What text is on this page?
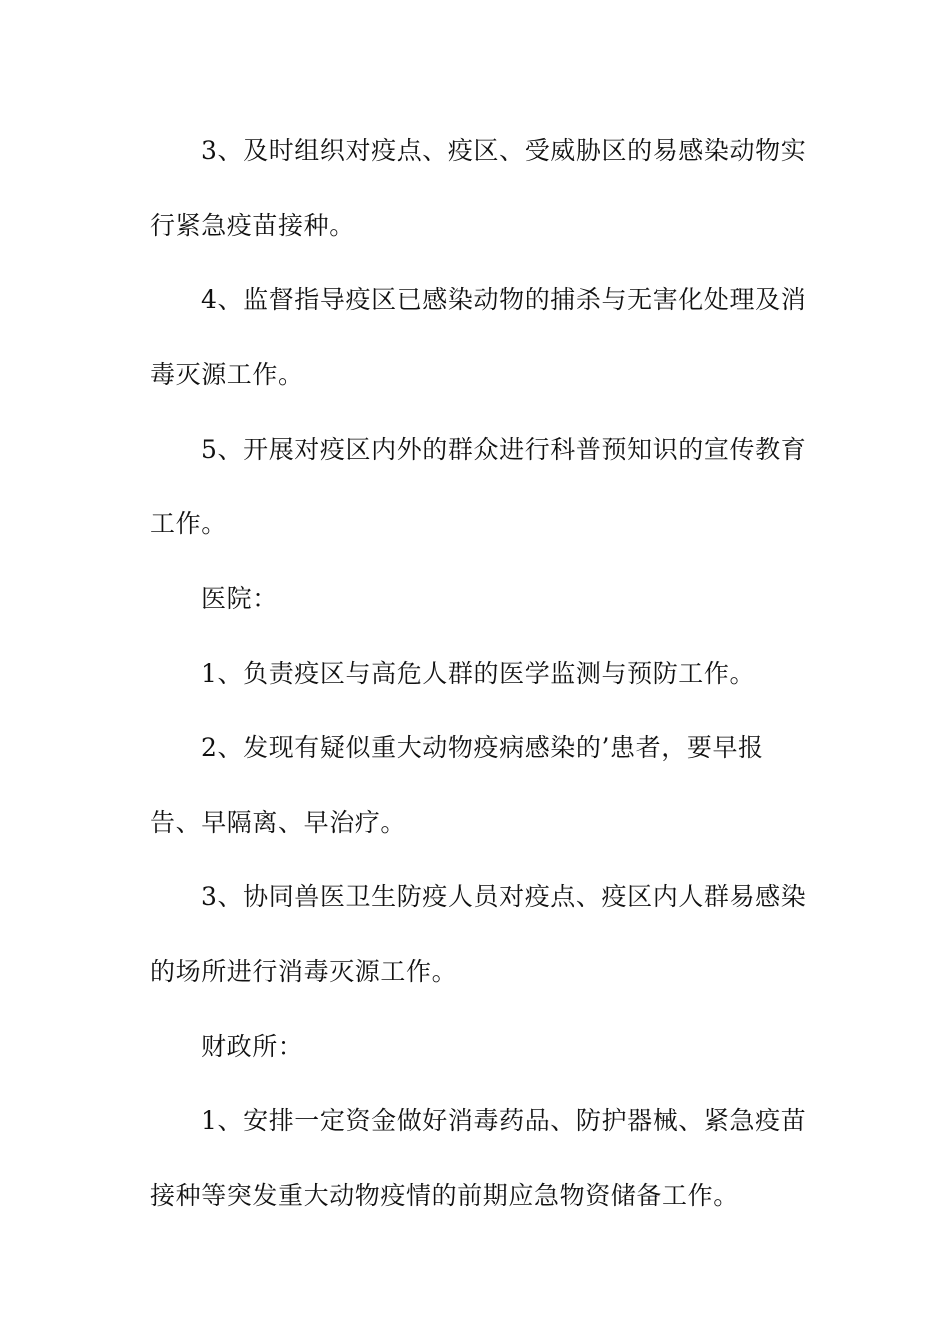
3、及时组织对疫点、疫区、受威胁区的易感染动物实
行紧急疫苗接种。
4、监督指导疫区已感染动物的捕杀与无害化处理及消
毒灭源工作。
5、开展对疫区内外的群众进行科普预知识的宣传教育
工作。
医院：
1、负责疫区与高危人群的医学监测与预防工作。
2、发现有疑似重大动物疫病感染的’患者，要早报
告、早隔离、早治疗。
3、协同兽医卫生防疫人员对疫点、疫区内人群易感染
的场所进行消毒灭源工作。
财政所：
1、安排一定资金做好消毒药品、防护器械、紧急疫苗
接种等突发重大动物疫情的前期应急物资储备工作。
